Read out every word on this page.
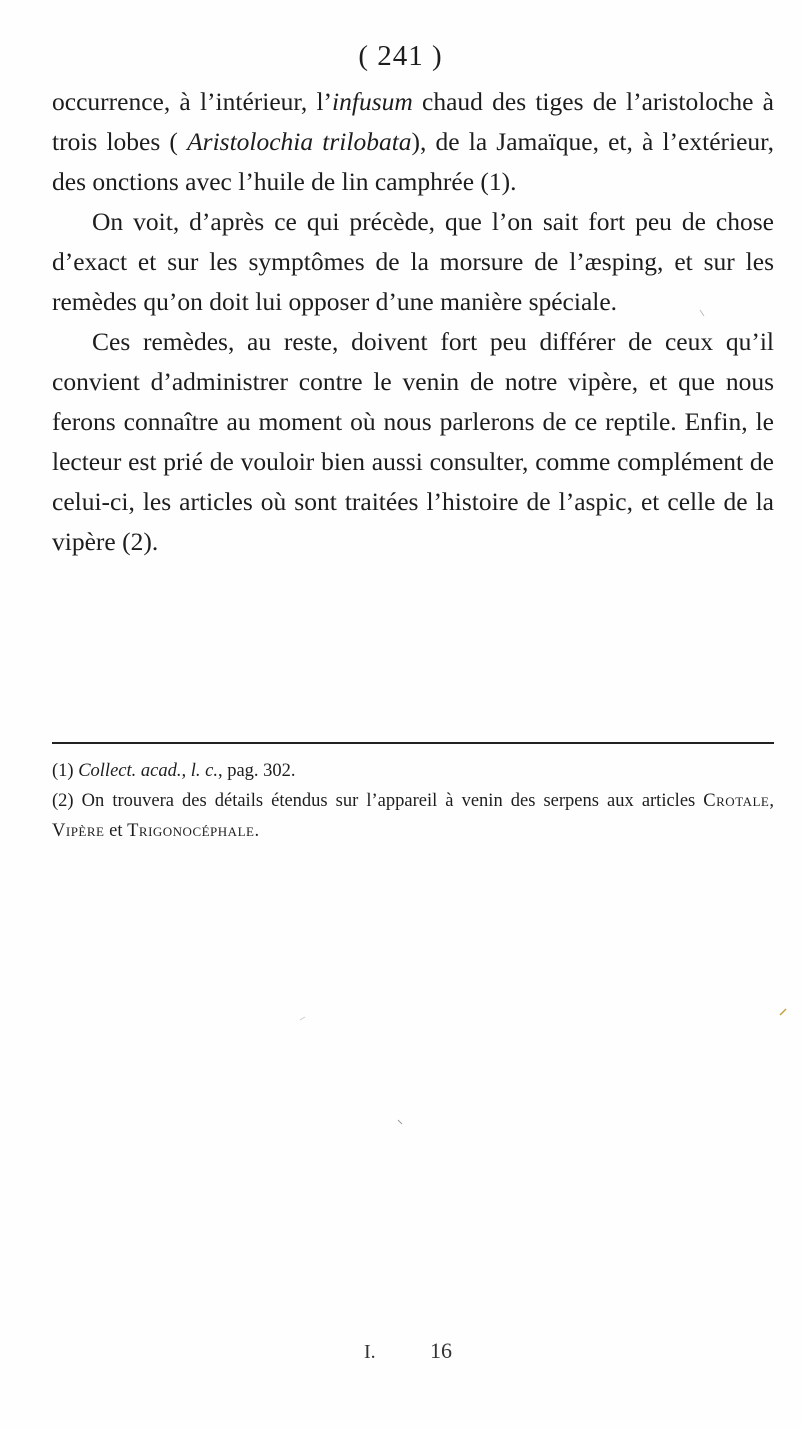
( 241 )

occurrence, à l’intérieur, l’infusum chaud des tiges de l’aristoloche à trois lobes ( Aristolochia trilobata), de la Jamaïque, et, à l’extérieur, des onctions avec l’huile de lin camphrée (1).

On voit, d’après ce qui précède, que l’on sait fort peu de chose d’exact et sur les symptômes de la morsure de l’æsping, et sur les remèdes qu’on doit lui opposer d’une manière spéciale.

Ces remèdes, au reste, doivent fort peu différer de ceux qu’il convient d’administrer contre le venin de notre vipère, et que nous ferons connaître au moment où nous parlerons de ce reptile. Enfin, le lecteur est prié de vouloir bien aussi consulter, comme complément de celui-ci, les articles où sont traitées l’histoire de l’aspic, et celle de la vipère (2).

(1) Collect. acad., l. c., pag. 302.

(2) On trouvera des détails étendus sur l’appareil à venin des serpens aux articles Crotale, Vipère et Trigonocéphale.

I. 16
